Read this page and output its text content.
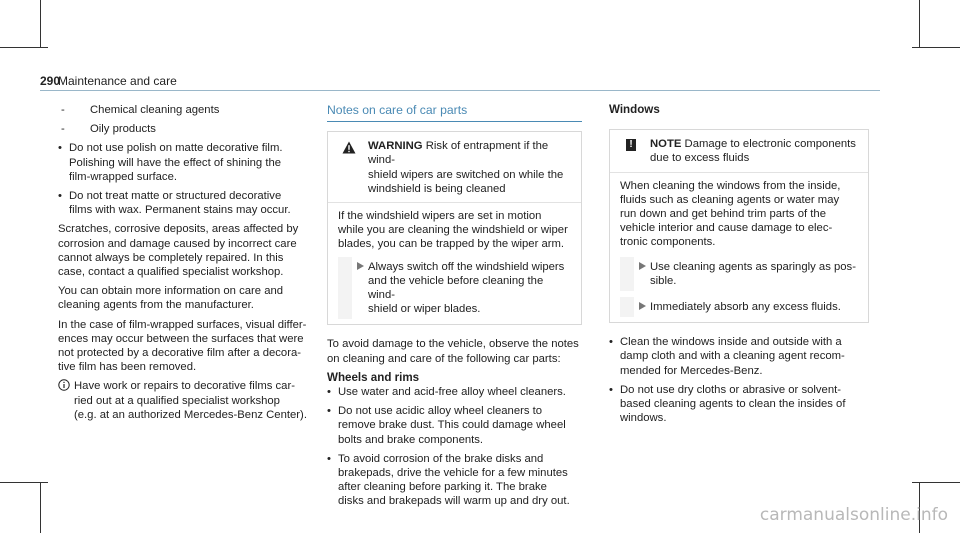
290
Maintenance and care
- Chemical cleaning agents
- Oily products
• Do not use polish on matte decorative film.

Polishing will have the effect of shining the

film-wrapped surface.

• Do not treat matte or structured decorative

films with wax. Permanent stains may occur.

Scratches, corrosive deposits, areas affected by

corrosion and damage caused by incorrect care

cannot always be completely repaired. In this

case, contact a qualified specialist workshop.

You can obtain more information on care and

cleaning agents from the manufacturer.

In the case of film-wrapped surfaces, visual differ-

ences may occur between the surfaces that were

not protected by a decorative film after a decora-

tive film has been removed.

Have work or repairs to decorative films car-

ried out at a qualified specialist workshop

(e.g. at an authorized Mercedes-Benz Center).

Notes on care of car parts

WARNING Risk of entrapment if the wind-

shield wipers are switched on while the

windshield is being cleaned

If the windshield wipers are set in motion

while you are cleaning the windshield or wiper

blades, you can be trapped by the wiper arm.

Always switch off the windshield wipers

and the vehicle before cleaning the wind-

shield or wiper blades.

To avoid damage to the vehicle, observe the notes

on cleaning and care of the following car parts:

Wheels and rims
• Use water and acid-free alloy wheel cleaners.

• Do not use acidic alloy wheel cleaners to

remove brake dust. This could damage wheel

bolts and brake components.

• To avoid corrosion of the brake disks and

brakepads, drive the vehicle for a few minutes

after cleaning before parking it. The brake

disks and brakepads will warm up and dry out.

Windows
! NOTE Damage to electronic components

due to excess fluids

When cleaning the windows from the inside,

fluids such as cleaning agents or water may

run down and get behind trim parts of the

vehicle interior and cause damage to elec-

tronic components.

Use cleaning agents as sparingly as pos-

sible.

Immediately absorb any excess fluids.

• Clean the windows inside and outside with a

damp cloth and with a cleaning agent recom-

mended for Mercedes-Benz.

• Do not use dry cloths or abrasive or solvent-

based cleaning agents to clean the insides of

windows.

carmanualsonline.info
